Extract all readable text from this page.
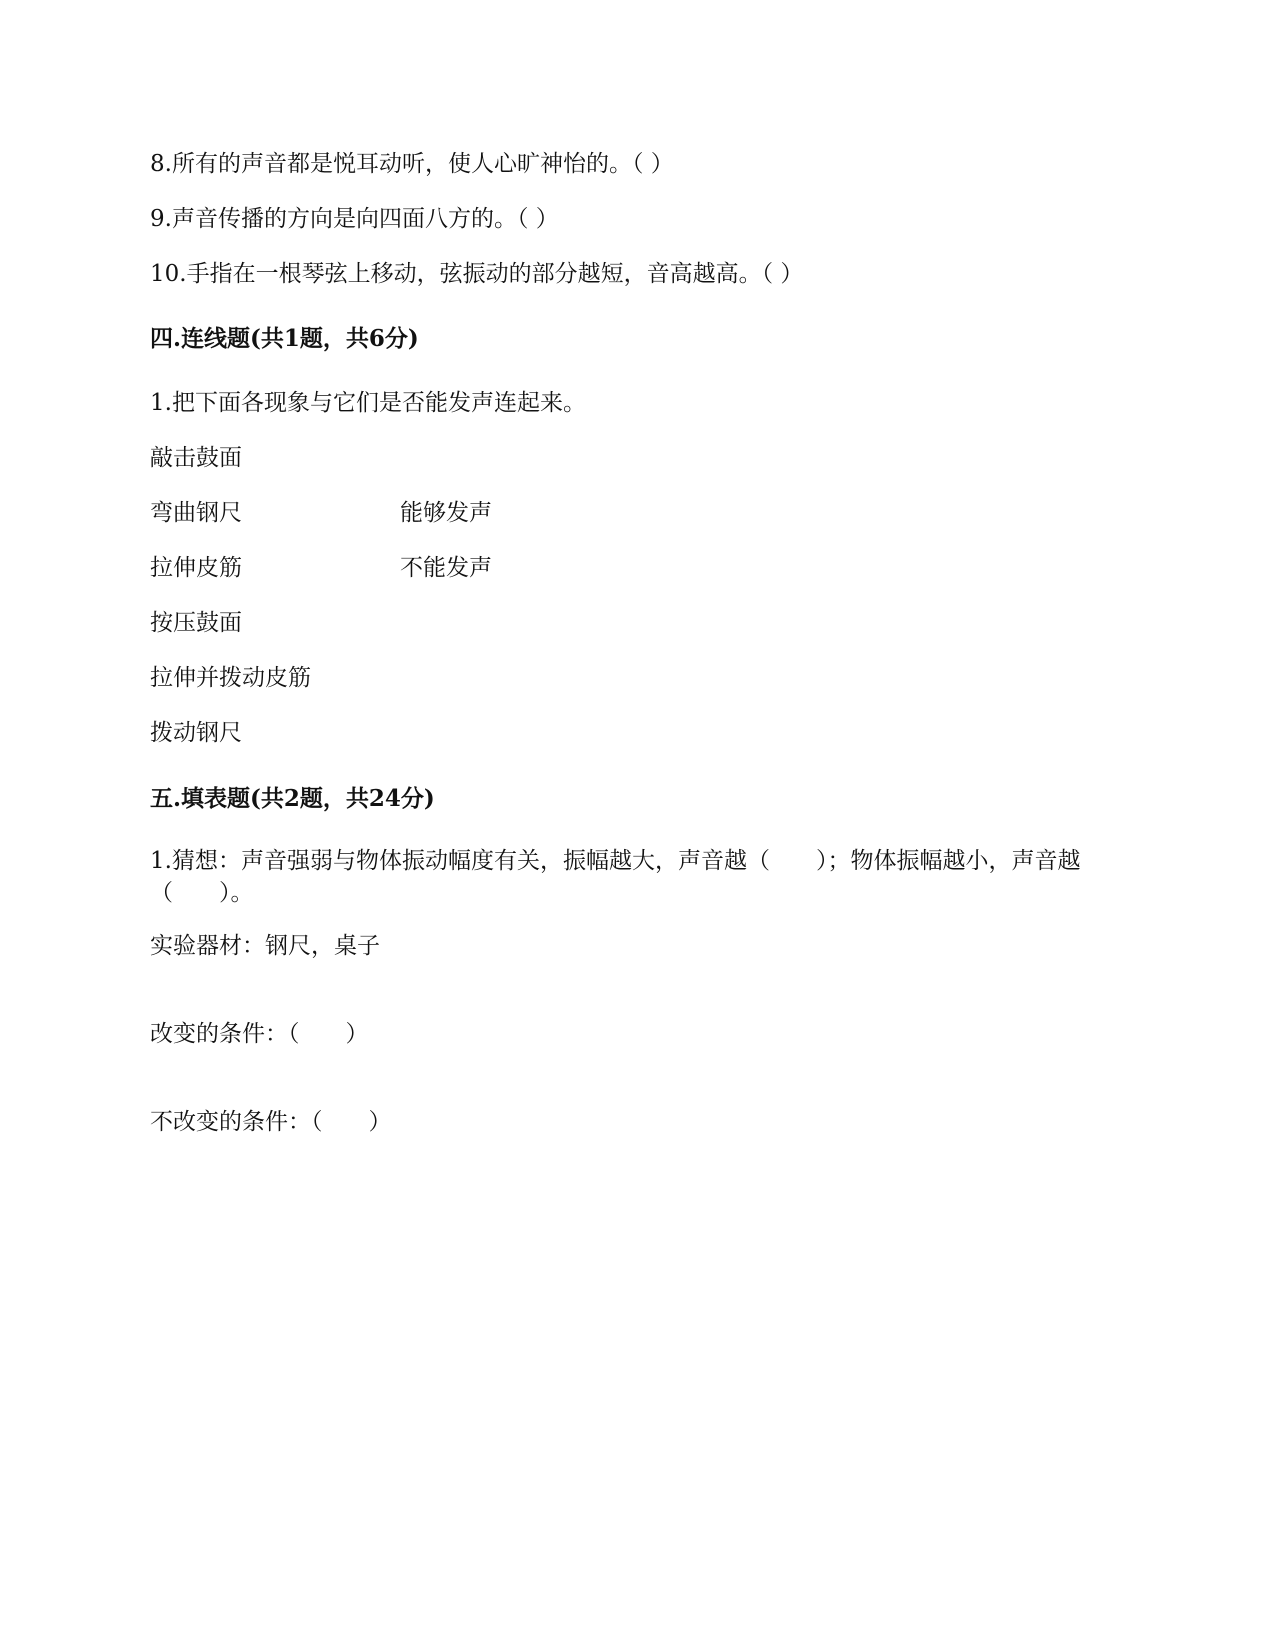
8.所有的声音都是悦耳动听，使人心旷神怡的。（ ）
9.声音传播的方向是向四面八方的。（ ）
10.手指在一根琴弦上移动，弦振动的部分越短，音高越高。（ ）
四.连线题(共1题，共6分)
1.把下面各现象与它们是否能发声连起来。
敲击鼓面
弯曲钢尺	能够发声
拉伸皮筋	不能发声
按压鼓面
拉伸并拨动皮筋
拨动钢尺
五.填表题(共2题，共24分)
1.猜想：声音强弱与物体振动幅度有关，振幅越大，声音越（　　）；物体振幅越小，声音越（　　）。
实验器材：钢尺，桌子
改变的条件：（　　）
不改变的条件：（　　）
